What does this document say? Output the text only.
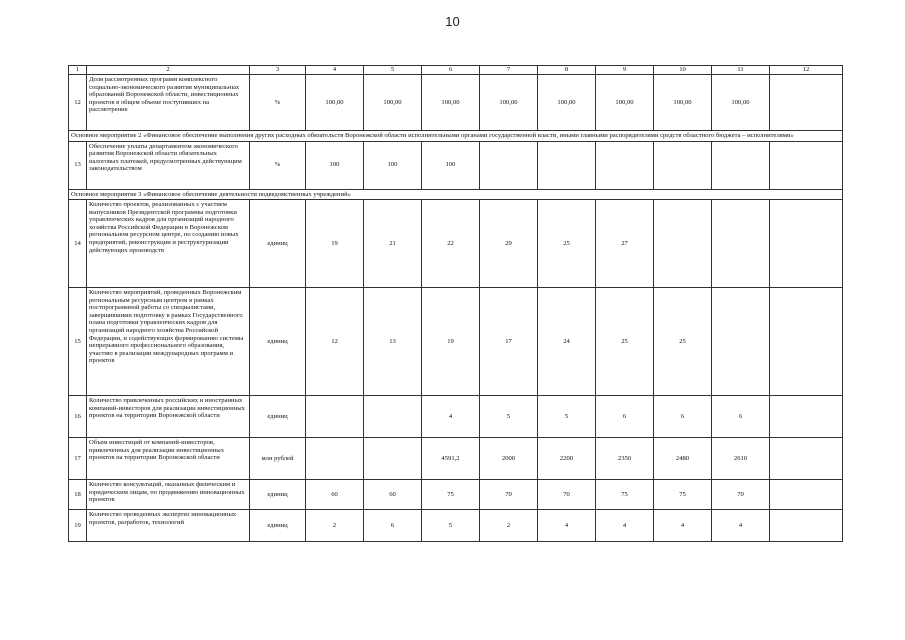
10
1	2	3	4	5	6	7	8	9	10	11	12
12	Доля рассмотренных программ комплексного социально-экономического развития муниципальных образований Воронежской области, инвестиционных проектов в общем объеме поступивших на рассмотрение	%	100,00	100,00	100,00	100,00	100,00	100,00	100,00	100,00	
Основное мероприятие 2 «Финансовое обеспечение выполнения других расходных обязательств Воронежской области исполнительными органами государственной власти, иными главными распорядителями средств областного бюджета – исполнителями»											
13	Обеспечение уплаты департаментом экономического развития Воронежской области обязательных налоговых платежей, предусмотренных действующим законодательством	%	100	100	100						
Основное мероприятие 3 «Финансовое обеспечение деятельности подведомственных учреждений»											
14	Количество проектов, реализованных с участием выпускников Президентской программы подготовки управленческих кадров для организаций народного хозяйства Российской Федерации в Воронежском региональном ресурсном центре, по созданию новых предприятий, реконструкции и реструктуризации действующих производств	единиц	19	21	22	29	25	27			
15	Количество мероприятий, проведенных Воронежским региональным ресурсным центром в рамках постпрограммной работы со специалистами, завершившими подготовку в рамках Государственного плана подготовки управленческих кадров для организаций народного хозяйства Российской Федерации, и содействующих формированию системы непрерывного профессионального образования, участию в реализации международных программ и проектов	единиц	12	13	19	17	24	25	25		
16	Количество привлеченных российских и иностранных компаний-инвесторов для реализации инвестиционных проектов на территории Воронежской области	единиц			4	5	5	6	6	6	
17	Объем инвестиций от компаний-инвесторов, привлеченных для реализации инвестиционных проектов на территории Воронежской области	млн рублей			4591,2	2000	2200	2350	2480	2610	
18	Количество консультаций, оказанных физическим и юридическим лицам, по продвижению инновационных проектов	единиц	60	60	75	70	70	75	75	70	
19	Количество проведенных экспертиз инновационных проектов, разработок, технологий	единиц	2	6	5	2	4	4	4	4	
